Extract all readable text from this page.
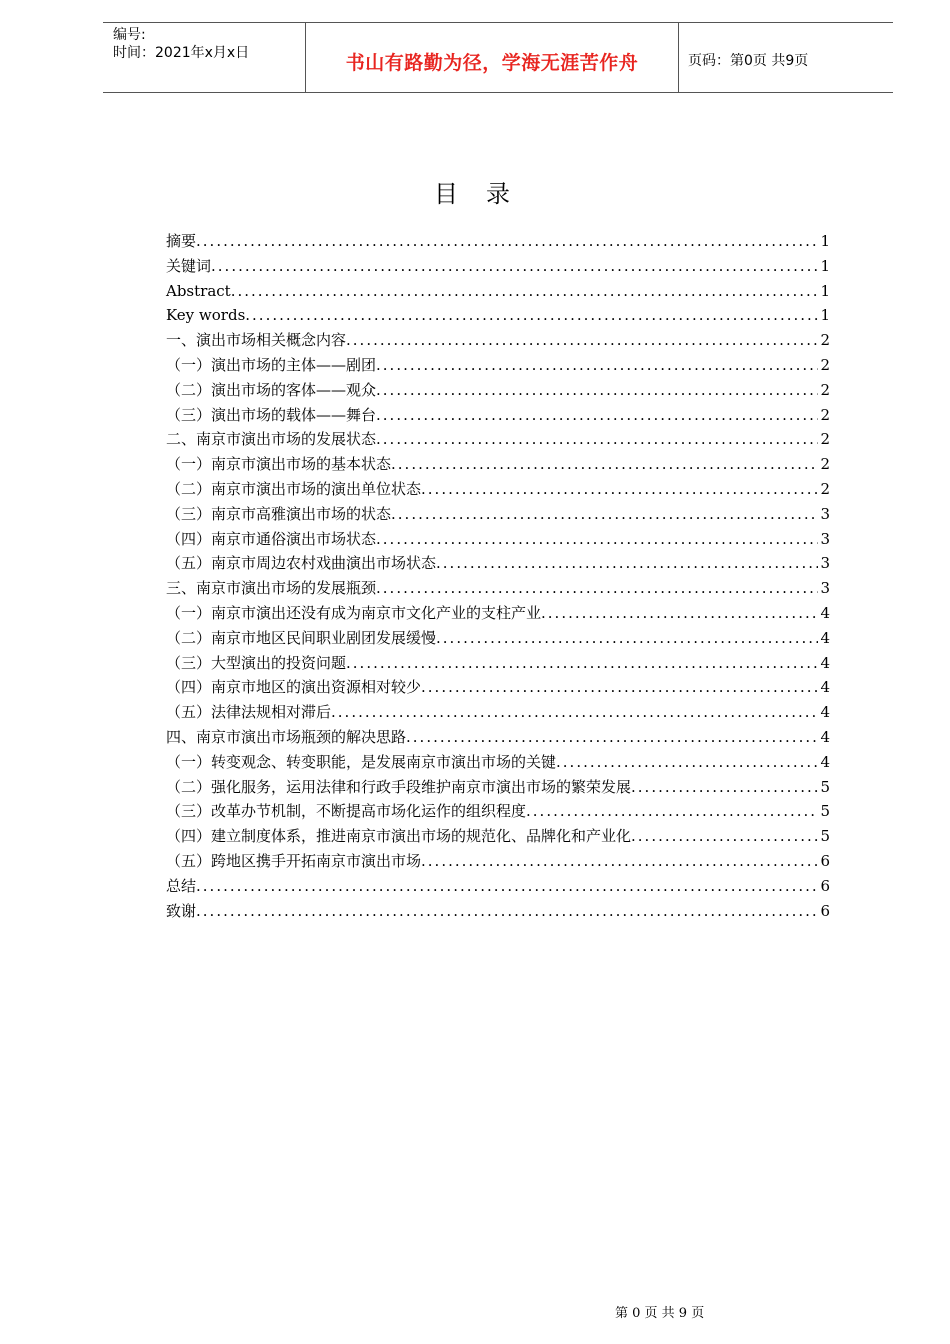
编号:
时间：2021年x月x日	书山有路勤为径，学海无涯苦作舟	页码：第0页 共9页
目 录
摘要 .....	1
关键词 .....	1
Abstract .....	1
Key words .....	1
一、演出市场相关概念内容 .....	2
（一）演出市场的主体——剧团 .....	2
（二）演出市场的客体——观众 .....	2
（三）演出市场的载体——舞台 .....	2
二、南京市演出市场的发展状态 .....	2
（一）南京市演出市场的基本状态 .....	2
（二）南京市演出市场的演出单位状态 .....	2
（三）南京市高雅演出市场的状态 .....	3
（四）南京市通俗演出市场状态 .....	3
（五）南京市周边农村戏曲演出市场状态 .....	3
三、南京市演出市场的发展瓶颈 .....	3
（一）南京市演出还没有成为南京市文化产业的支柱产业 .....	4
（二）南京市地区民间职业剧团发展缓慢 .....	4
（三）大型演出的投资问题 .....	4
（四）南京市地区的演出资源相对较少 .....	4
（五）法律法规相对滞后 .....	4
四、南京市演出市场瓶颈的解决思路 .....	4
（一）转变观念、转变职能，是发展南京市演出市场的关键 .....	4
（二）强化服务，运用法律和行政手段维护南京市演出市场的繁荣发展 .....	5
（三）改革办节机制，不断提高市场化运作的组织程度 .....	5
（四）建立制度体系，推进南京市演出市场的规范化、品牌化和产业化 .....	5
（五）跨地区携手开拓南京市演出市场 .....	6
总结 .....	6
致谢 .....	6
第 0 页 共 9 页
